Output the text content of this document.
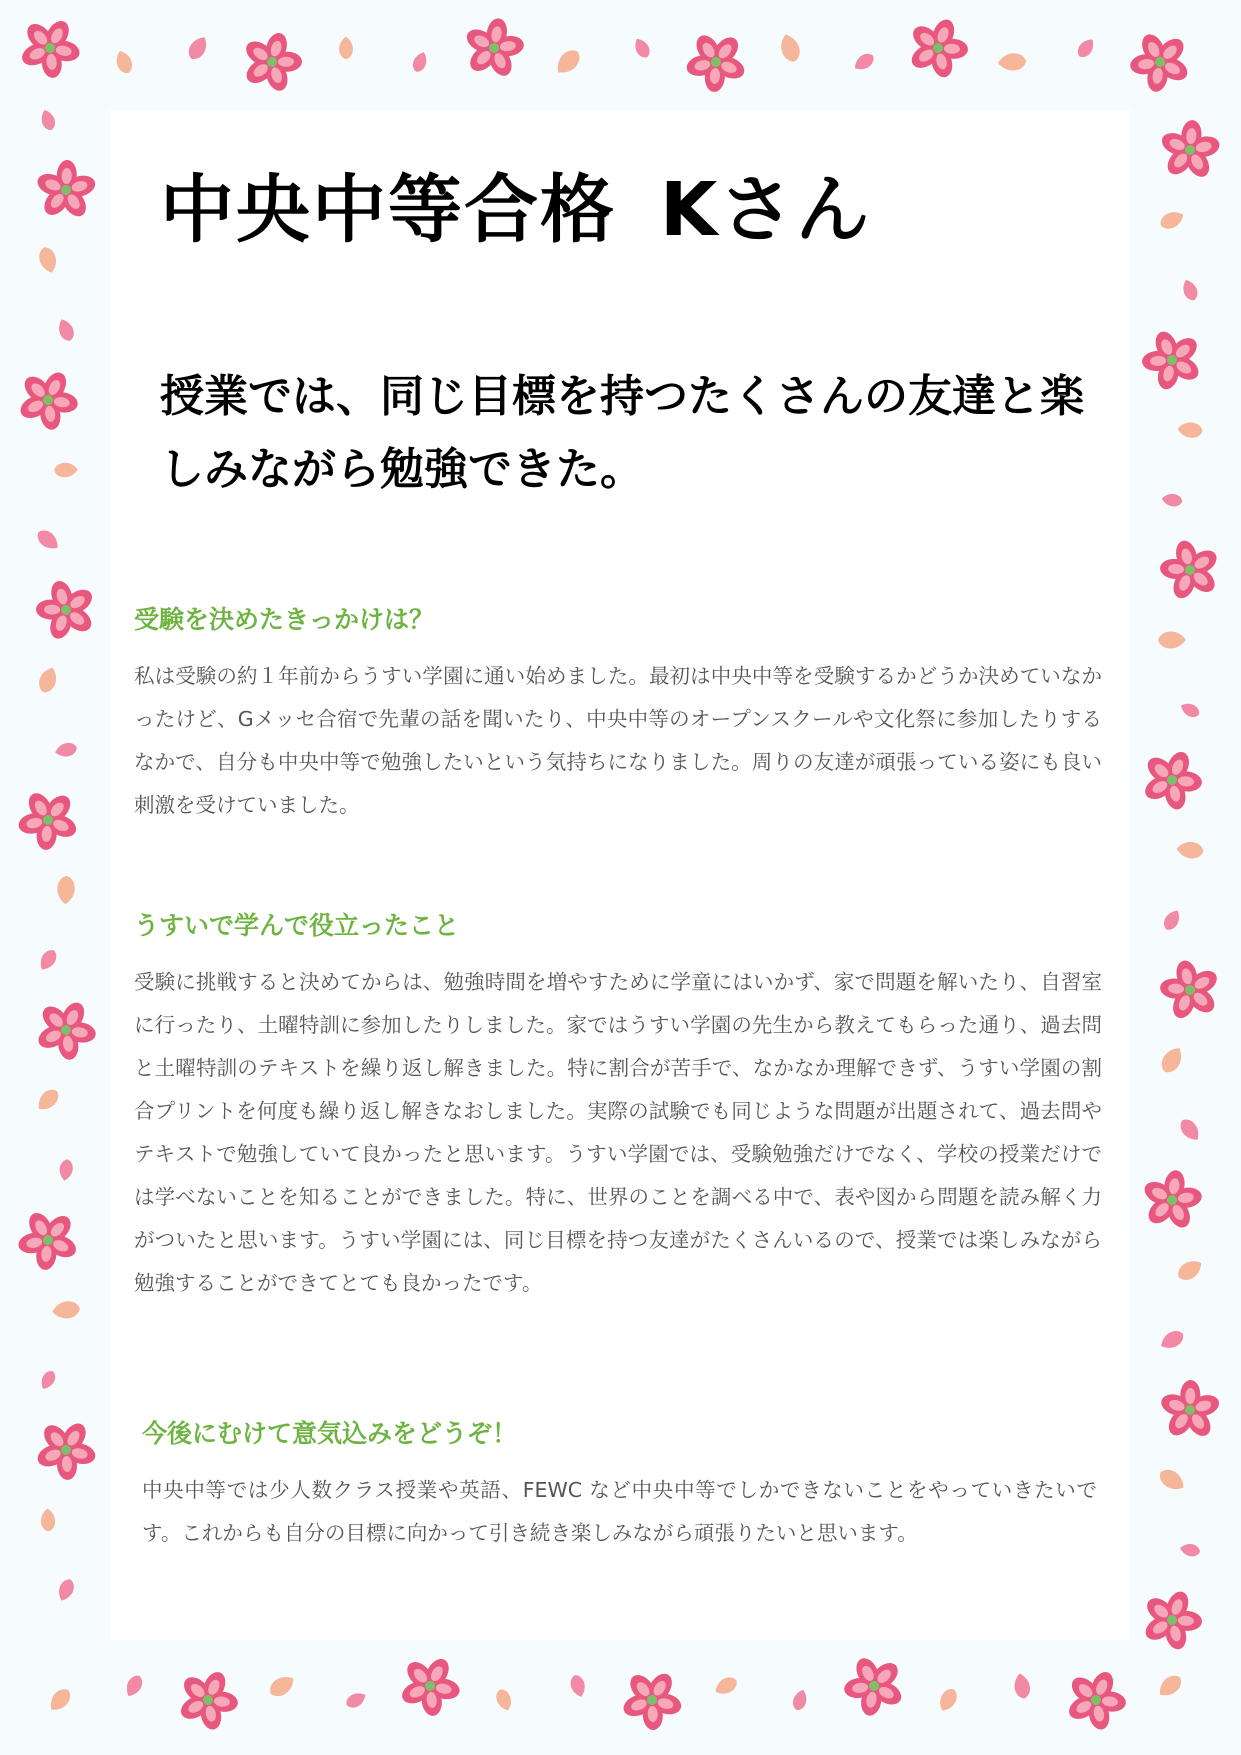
中央中等合格 Kさん

授業では、同じ目標を持つたくさんの友達と楽しみながら勉強できた。

受験を決めたきっかけは？

私は受験の約１年前からうすい学園に通い始めました。最初は中央中等を受験するかどうか決めていなかったけど、Gメッセ合宿で先輩の話を聞いたり、中央中等のオープンスクールや文化祭に参加したりするなかで、自分も中央中等で勉強したいという気持ちになりました。周りの友達が頑張っている姿にも良い刺激を受けていました。

うすいで学んで役立ったこと

受験に挑戦すると決めてからは、勉強時間を増やすために学童にはいかず、家で問題を解いたり、自習室に行ったり、土曜特訓に参加したりしました。家ではうすい学園の先生から教えてもらった通り、過去問と土曜特訓のテキストを繰り返し解きました。特に割合が苦手で、なかなか理解できず、うすい学園の割合プリントを何度も繰り返し解きなおしました。実際の試験でも同じような問題が出題されて、過去問やテキストで勉強していて良かったと思います。うすい学園では、受験勉強だけでなく、学校の授業だけでは学べないことを知ることができました。特に、世界のことを調べる中で、表や図から問題を読み解く力がついたと思います。うすい学園には、同じ目標を持つ友達がたくさんいるので、授業では楽しみながら勉強することができてとても良かったです。

今後にむけて意気込みをどうぞ！

中央中等では少人数クラス授業や英語、FEWC など中央中等でしかできないことをやっていきたいです。これからも自分の目標に向かって引き続き楽しみながら頑張りたいと思います。
